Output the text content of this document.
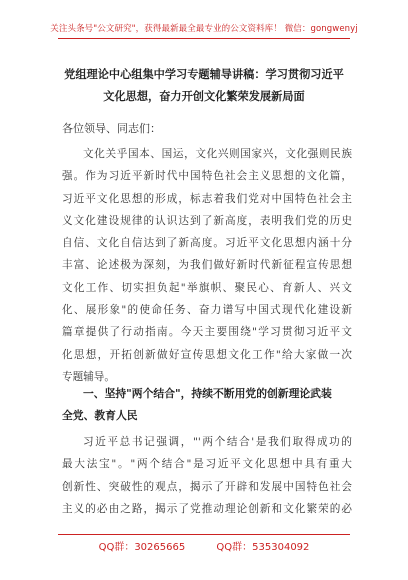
关注头条号"公文研究"，获得最新最全最专业的公文资料库！ 微信：gongwenyj
党组理论中心组集中学习专题辅导讲稿：学习贯彻习近平
文化思想，奋力开创文化繁荣发展新局面
各位领导、同志们：
文化关乎国本、国运，文化兴则国家兴，文化强则民族
强。作为习近平新时代中国特色社会主义思想的文化篇，
习近平文化思想的形成，标志着我们党对中国特色社会主
义文化建设规律的认识达到了新高度，表明我们党的历史
自信、文化自信达到了新高度。习近平文化思想内涵十分
丰富、论述极为深刻，为我们做好新时代新征程宣传思想
文化工作、切实担负起"举旗帜、聚民心、育新人、兴文
化、展形象"的使命任务、奋力谱写中国式现代化建设新
篇章提供了行动指南。今天主要围绕"学习贯彻习近平文
化思想，开拓创新做好宣传思想文化工作"给大家做一次
专题辅导。
一、坚持"两个结合"，持续不断用党的创新理论武装
全党、教育人民
习近平总书记强调，"'两个结合'是我们取得成功的
最大法宝"。"两个结合"是习近平文化思想中具有重大
创新性、突破性的观点，揭示了开辟和发展中国特色社会
主义的必由之路，揭示了党推动理论创新和文化繁荣的必
QQ群：30265665	QQ群：535304092
